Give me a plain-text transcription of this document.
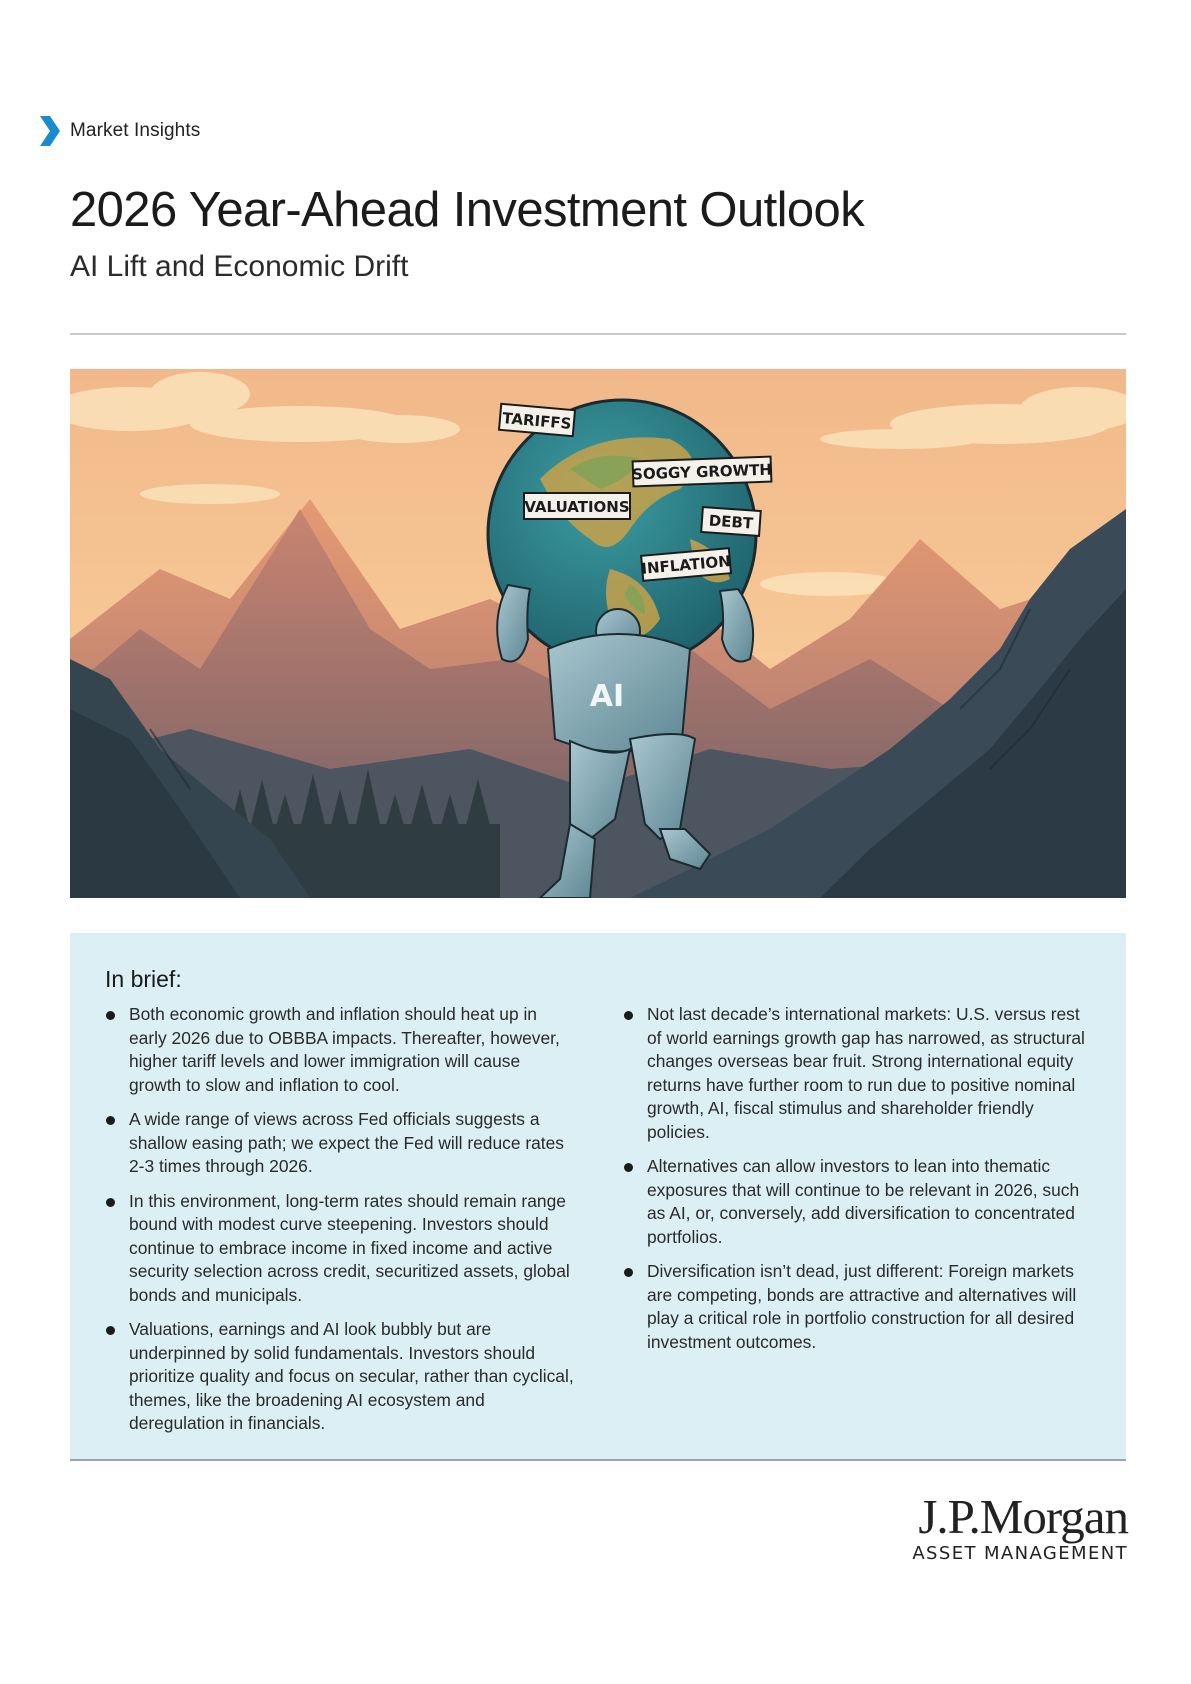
Market Insights
2026 Year-Ahead Investment Outlook
AI Lift and Economic Drift
TARIFFS
SOGGY GROWTH
VALUATIONS
DEBT
INFLATION
AI
In brief:
Both economic growth and inflation should heat up in early 2026 due to OBBBA impacts. Thereafter, however, higher tariff levels and lower immigration will cause growth to slow and inflation to cool.
A wide range of views across Fed officials suggests a shallow easing path; we expect the Fed will reduce rates 2-3 times through 2026.
In this environment, long-term rates should remain range bound with modest curve steepening. Investors should continue to embrace income in fixed income and active security selection across credit, securitized assets, global bonds and municipals.
Valuations, earnings and AI look bubbly but are underpinned by solid fundamentals. Investors should prioritize quality and focus on secular, rather than cyclical, themes, like the broadening AI ecosystem and deregulation in financials.
Not last decade’s international markets: U.S. versus rest of world earnings growth gap has narrowed, as structural changes overseas bear fruit. Strong international equity returns have further room to run due to positive nominal growth, AI, fiscal stimulus and shareholder friendly policies.
Alternatives can allow investors to lean into thematic exposures that will continue to be relevant in 2026, such as AI, or, conversely, add diversification to concentrated portfolios.
Diversification isn’t dead, just different: Foreign markets are competing, bonds are attractive and alternatives will play a critical role in portfolio construction for all desired investment outcomes.
J.P.Morgan
ASSET MANAGEMENT
